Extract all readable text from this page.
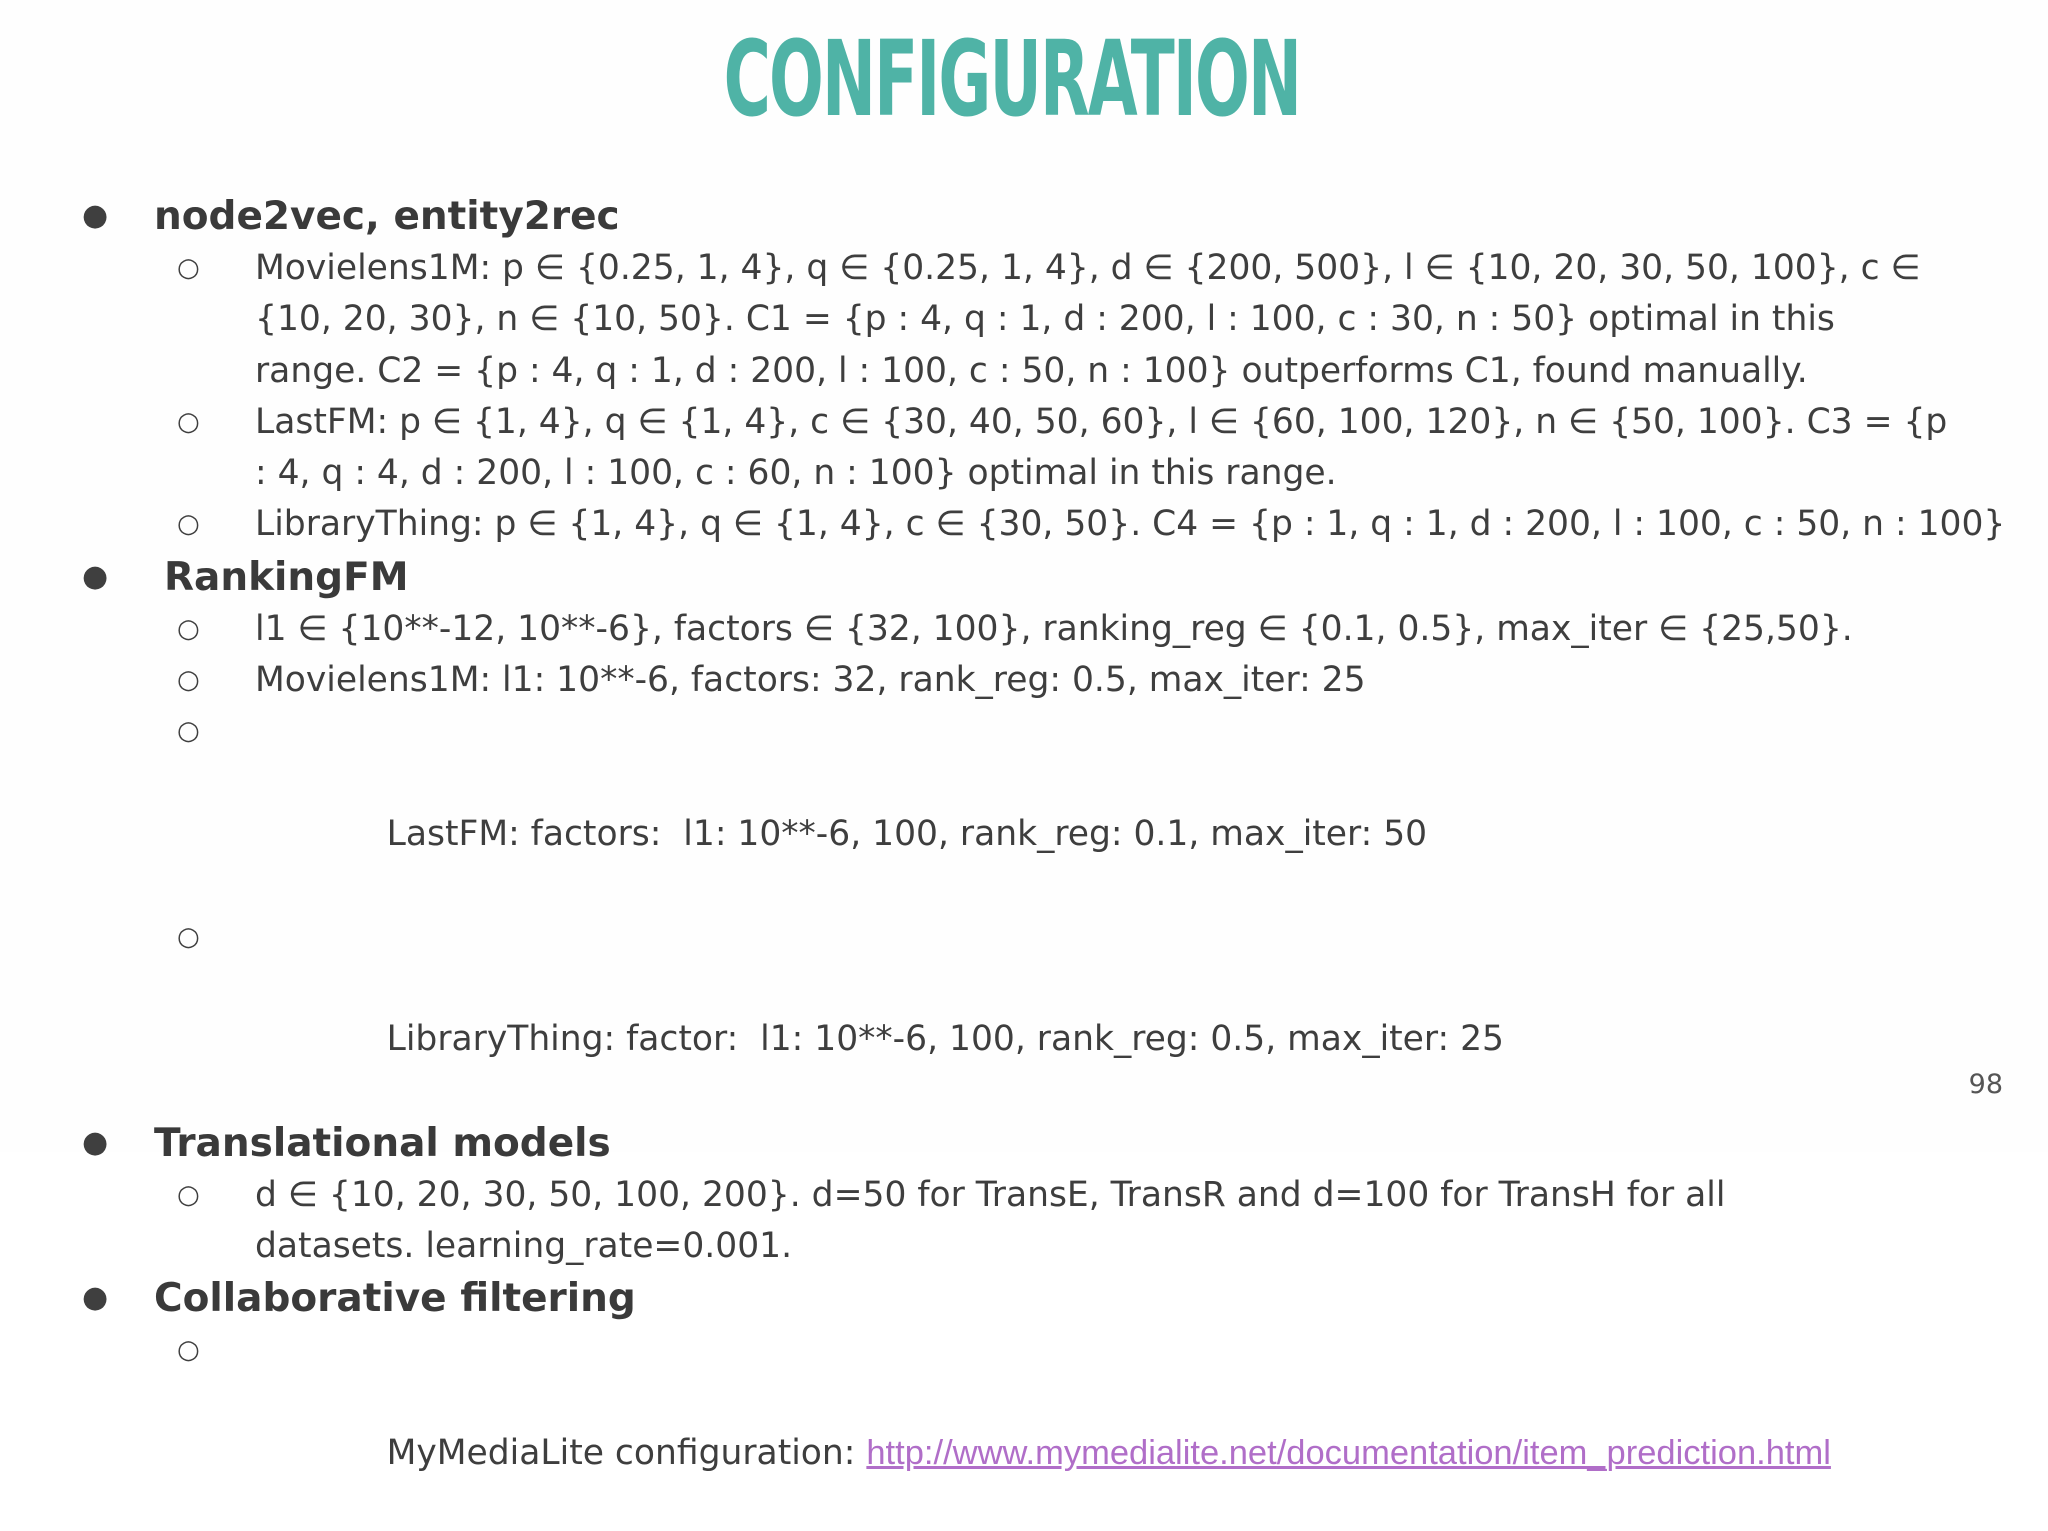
CONFIGURATION
● node2vec, entity2rec
○ Movielens1M: p ∈ {0.25, 1, 4}, q ∈ {0.25, 1, 4}, d ∈ {200, 500}, l ∈ {10, 20, 30, 50, 100}, c ∈ {10, 20, 30}, n ∈ {10, 50}. C1 = {p : 4, q : 1, d : 200, l : 100, c : 30, n : 50} optimal in this range. C2 = {p : 4, q : 1, d : 200, l : 100, c : 50, n : 100} outperforms C1, found manually.
○ LastFM: p ∈ {1, 4}, q ∈ {1, 4}, c ∈ {30, 40, 50, 60}, l ∈ {60, 100, 120}, n ∈ {50, 100}. C3 = {p : 4, q : 4, d : 200, l : 100, c : 60, n : 100} optimal in this range.
○ LibraryThing: p ∈ {1, 4}, q ∈ {1, 4}, c ∈ {30, 50}. C4 = {p : 1, q : 1, d : 200, l : 100, c : 50, n : 100}
● RankingFM
○ l1 ∈ {10**-12, 10**-6}, factors ∈ {32, 100}, ranking_reg ∈ {0.1, 0.5}, max_iter ∈ {25,50}.
○ Movielens1M: l1: 10**-6, factors: 32, rank_reg: 0.5, max_iter: 25

○

LastFM: factors:  l1: 10**-6, 100, rank_reg: 0.1, max_iter: 50

○

LibraryThing: factor:  l1: 10**-6, 100, rank_reg: 0.5, max_iter: 25

● Translational models
○ d ∈ {10, 20, 30, 50, 100, 200}. d=50 for TransE, TransR and d=100 for TransH for all datasets. learning_rate=0.001.
● Collaborative filtering

○

MyMediaLite configuration: http://www.mymedialite.net/documentation/item_prediction.html

98
